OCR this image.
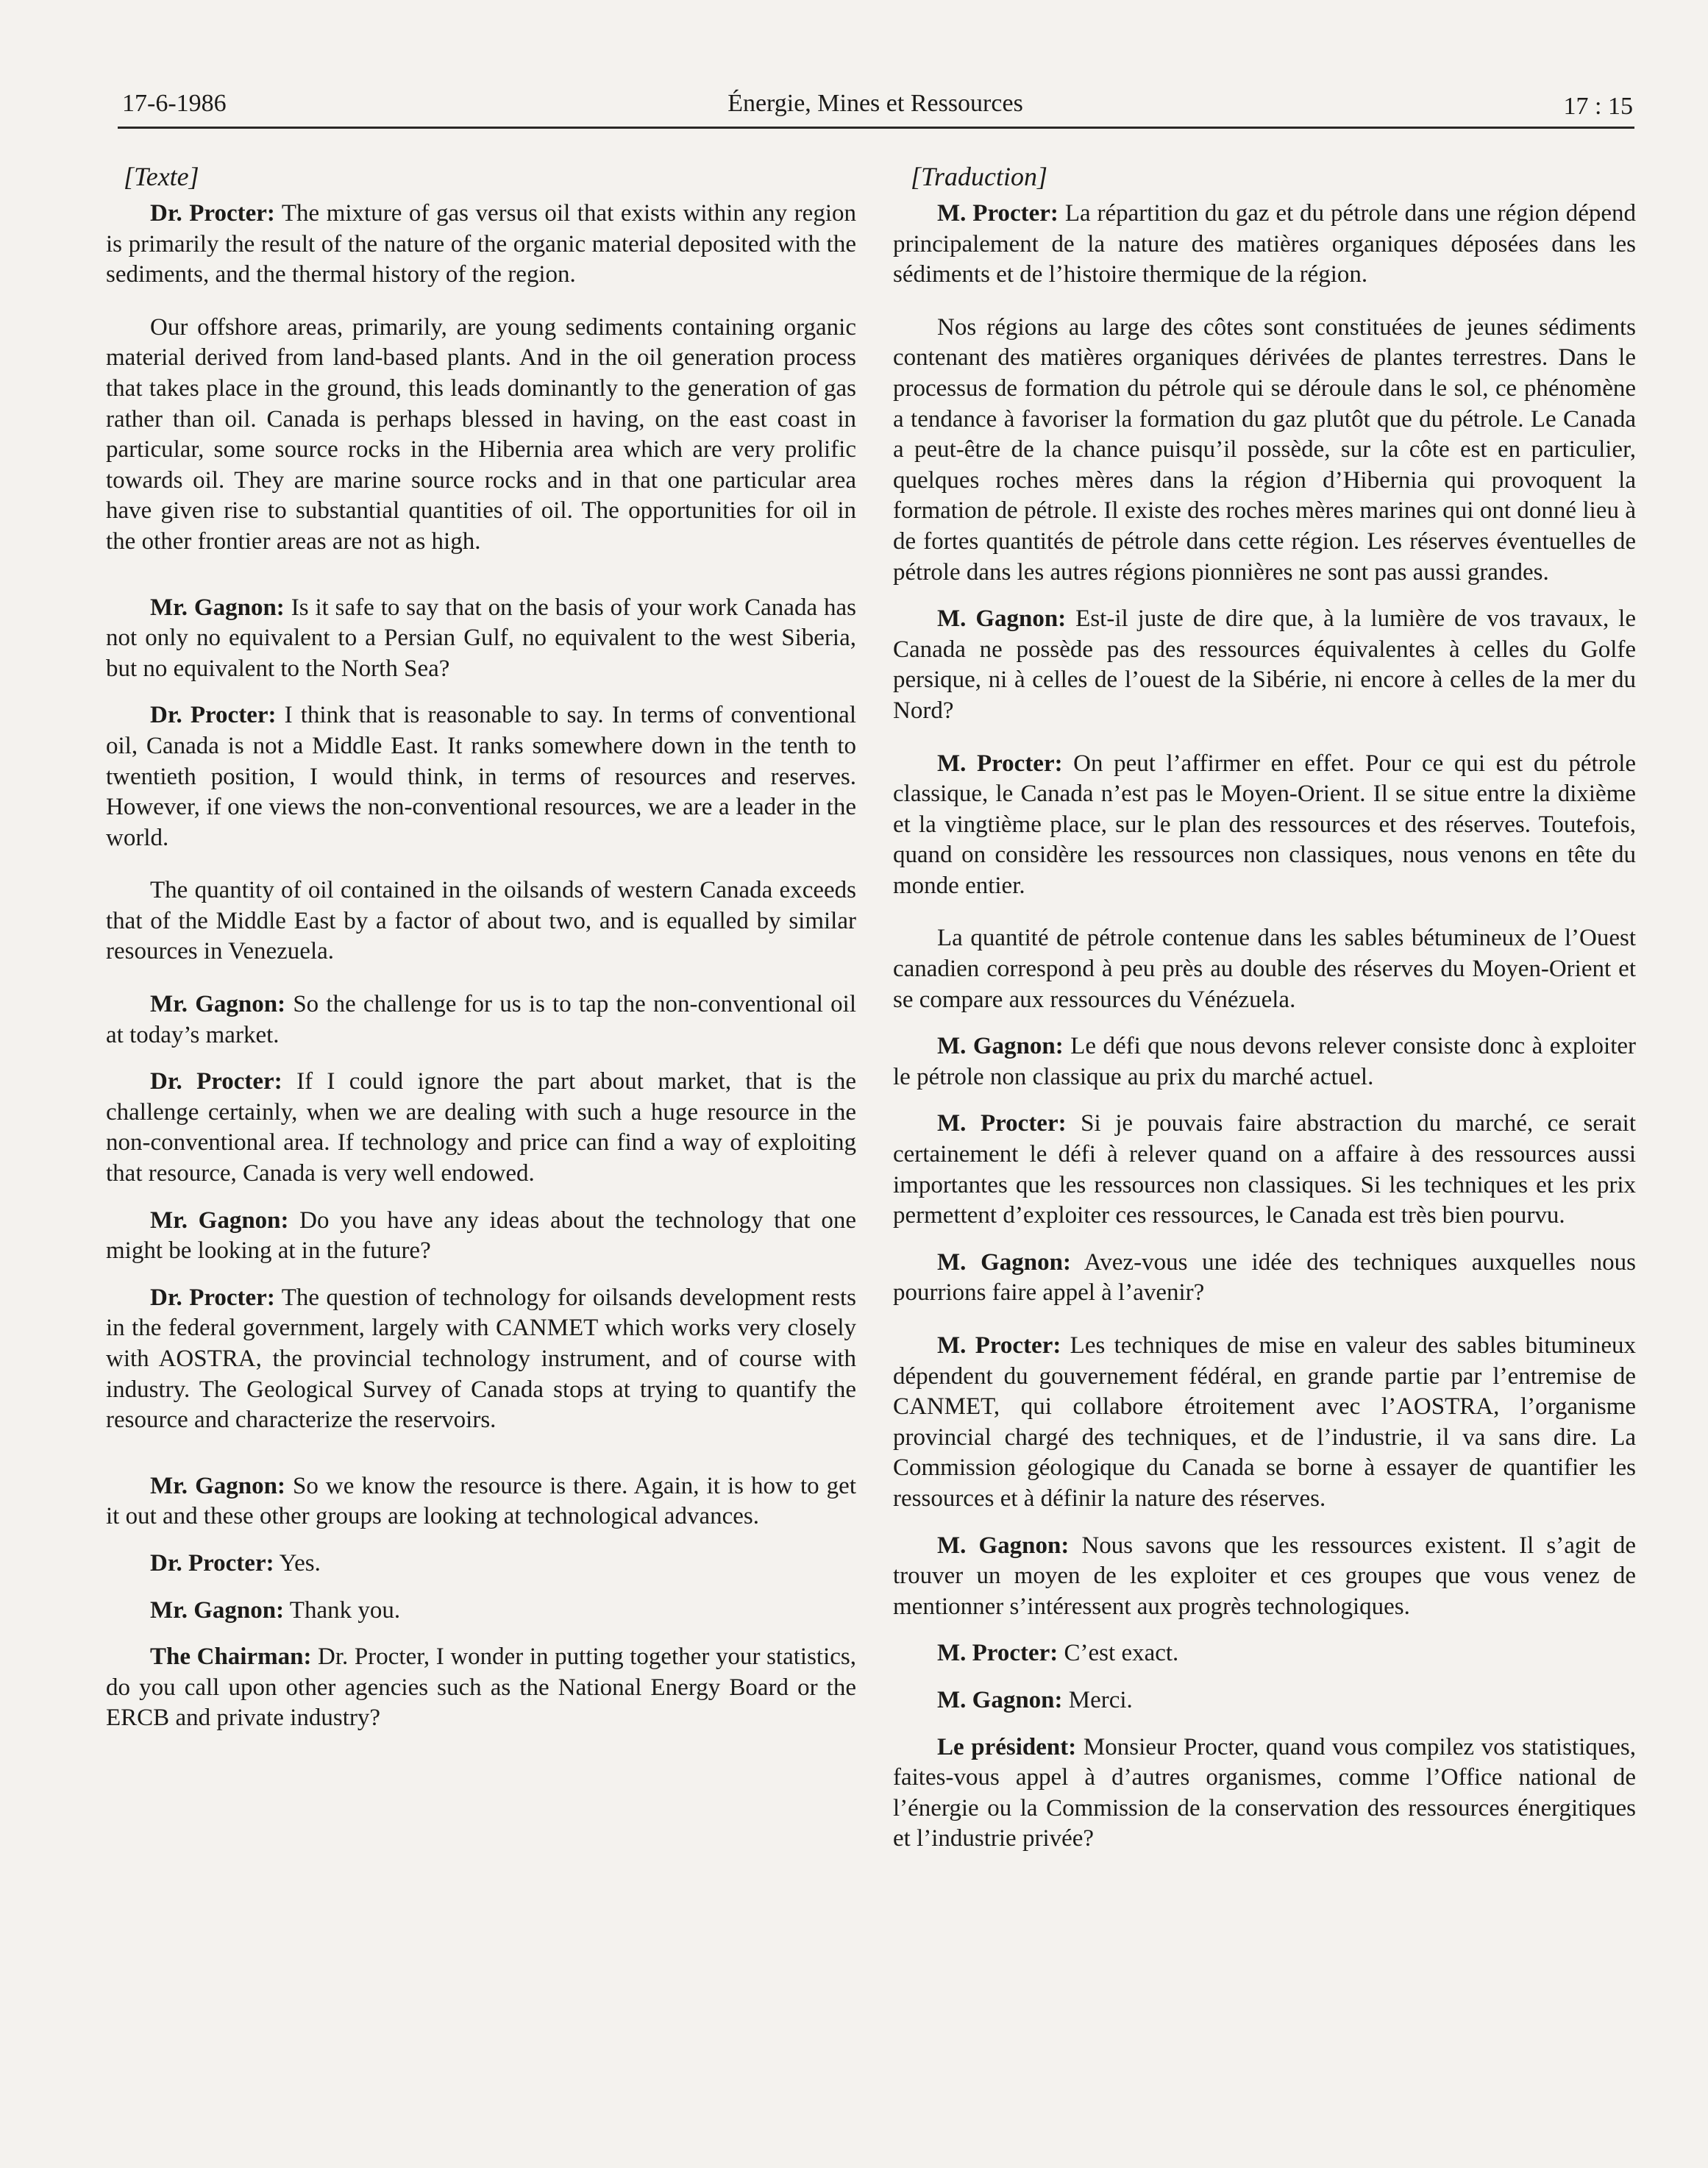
17-6-1986	Énergie, Mines et Ressources	17 : 15
[Texte]

Dr. Procter: The mixture of gas versus oil that exists within any region is primarily the result of the nature of the organic material deposited with the sediments, and the thermal history of the region.

Our offshore areas, primarily, are young sediments containing organic material derived from land-based plants. And in the oil generation process that takes place in the ground, this leads dominantly to the generation of gas rather than oil. Canada is perhaps blessed in having, on the east coast in particular, some source rocks in the Hibernia area which are very prolific towards oil. They are marine source rocks and in that one particular area have given rise to substantial quantities of oil. The opportunities for oil in the other frontier areas are not as high.

Mr. Gagnon: Is it safe to say that on the basis of your work Canada has not only no equivalent to a Persian Gulf, no equivalent to the west Siberia, but no equivalent to the North Sea?

Dr. Procter: I think that is reasonable to say. In terms of conventional oil, Canada is not a Middle East. It ranks somewhere down in the tenth to twentieth position, I would think, in terms of resources and reserves. However, if one views the non-conventional resources, we are a leader in the world.

The quantity of oil contained in the oilsands of western Canada exceeds that of the Middle East by a factor of about two, and is equalled by similar resources in Venezuela.

Mr. Gagnon: So the challenge for us is to tap the non-conventional oil at today’s market.

Dr. Procter: If I could ignore the part about market, that is the challenge certainly, when we are dealing with such a huge resource in the non-conventional area. If technology and price can find a way of exploiting that resource, Canada is very well endowed.

Mr. Gagnon: Do you have any ideas about the technology that one might be looking at in the future?

Dr. Procter: The question of technology for oilsands development rests in the federal government, largely with CANMET which works very closely with AOSTRA, the provincial technology instrument, and of course with industry. The Geological Survey of Canada stops at trying to quantify the resource and characterize the reservoirs.

Mr. Gagnon: So we know the resource is there. Again, it is how to get it out and these other groups are looking at technological advances.

Dr. Procter: Yes.

Mr. Gagnon: Thank you.

The Chairman: Dr. Procter, I wonder in putting together your statistics, do you call upon other agencies such as the National Energy Board or the ERCB and private industry?

[Traduction]

M. Procter: La répartition du gaz et du pétrole dans une région dépend principalement de la nature des matières organiques déposées dans les sédiments et de l’histoire thermique de la région.

Nos régions au large des côtes sont constituées de jeunes sédiments contenant des matières organiques dérivées de plantes terrestres. Dans le processus de formation du pétrole qui se déroule dans le sol, ce phénomène a tendance à favoriser la formation du gaz plutôt que du pétrole. Le Canada a peut-être de la chance puisqu’il possède, sur la côte est en particulier, quelques roches mères dans la région d’Hibernia qui provoquent la formation de pétrole. Il existe des roches mères marines qui ont donné lieu à de fortes quantités de pétrole dans cette région. Les réserves éventuelles de pétrole dans les autres régions pionnières ne sont pas aussi grandes.

M. Gagnon: Est-il juste de dire que, à la lumière de vos travaux, le Canada ne possède pas des ressources équivalentes à celles du Golfe persique, ni à celles de l’ouest de la Sibérie, ni encore à celles de la mer du Nord?

M. Procter: On peut l’affirmer en effet. Pour ce qui est du pétrole classique, le Canada n’est pas le Moyen-Orient. Il se situe entre la dixième et la vingtième place, sur le plan des ressources et des réserves. Toutefois, quand on considère les ressources non classiques, nous venons en tête du monde entier.

La quantité de pétrole contenue dans les sables bétumineux de l’Ouest canadien correspond à peu près au double des réserves du Moyen-Orient et se compare aux ressources du Vénézuela.

M. Gagnon: Le défi que nous devons relever consiste donc à exploiter le pétrole non classique au prix du marché actuel.

M. Procter: Si je pouvais faire abstraction du marché, ce serait certainement le défi à relever quand on a affaire à des ressources aussi importantes que les ressources non classiques. Si les techniques et les prix permettent d’exploiter ces ressources, le Canada est très bien pourvu.

M. Gagnon: Avez-vous une idée des techniques auxquelles nous pourrions faire appel à l’avenir?

M. Procter: Les techniques de mise en valeur des sables bitumineux dépendent du gouvernement fédéral, en grande partie par l’entremise de CANMET, qui collabore étroitement avec l’AOSTRA, l’organisme provincial chargé des techniques, et de l’industrie, il va sans dire. La Commission géologique du Canada se borne à essayer de quantifier les ressources et à définir la nature des réserves.

M. Gagnon: Nous savons que les ressources existent. Il s’agit de trouver un moyen de les exploiter et ces groupes que vous venez de mentionner s’intéressent aux progrès technologiques.

M. Procter: C’est exact.

M. Gagnon: Merci.

Le président: Monsieur Procter, quand vous compilez vos statistiques, faites-vous appel à d’autres organismes, comme l’Office national de l’énergie ou la Commission de la conservation des ressources énergitiques et l’industrie privée?
